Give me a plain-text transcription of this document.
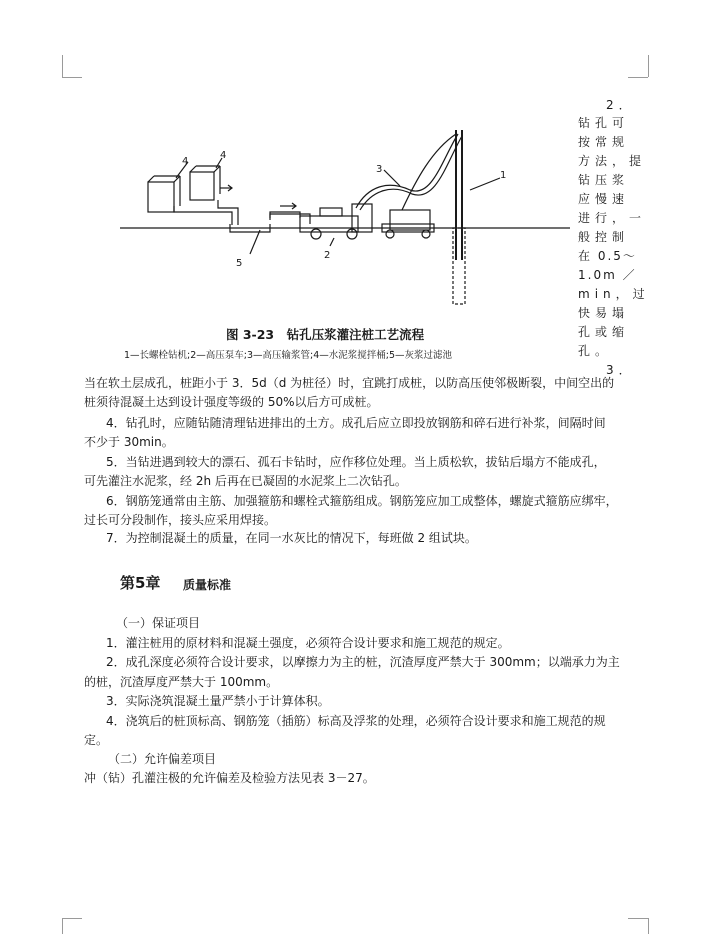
4
4
3
1
5
2
图 3-23　钻孔压浆灌注桩工艺流程
1—长螺栓钻机;2—高压泵车;3—高压输浆管;4—水泥浆搅拌桶;5—灰浆过滤池
2．
钻孔可
按常规
方法，提
钻压浆
应慢速
进行，一
般控制
在 0.5～
1.0m ／
min，过
快易塌
孔或缩
孔。
3．
当在软土层成孔，桩距小于 3．5d（d 为桩径）时，宜跳打成桩，以防高压使邻极断裂，中间空出的
桩须待混凝土达到设计强度等级的 50%以后方可成桩。
4．钻孔时，应随钻随清理钻进排出的土方。成孔后应立即投放钢筋和碎石进行补浆，间隔时间
不少于 30min。
5．当钻进遇到较大的漂石、孤石卡钻时，应作移位处理。当上质松软，拔钻后塌方不能成孔，
可先灌注水泥浆，经 2h 后再在已凝固的水泥浆上二次钻孔。
6．钢筋笼通常由主筋、加强箍筋和螺栓式箍筋组成。钢筋笼应加工成整体，螺旋式箍筋应绑牢，
过长可分段制作，接头应采用焊接。
7．为控制混凝土的质量，在同一水灰比的情况下，每班做 2 组试块。
第5章 质量标准
（一）保证项目
1．灌注桩用的原材料和混凝土强度，必须符合设计要求和施工规范的规定。
2．成孔深度必须符合设计要求，以摩擦力为主的桩，沉渣厚度严禁大于 300mm；以端承力为主
的桩，沉渣厚度严禁大于 100mm。
3．实际浇筑混凝土量严禁小于计算体积。
4．浇筑后的桩顶标高、钢筋笼（插筋）标高及浮浆的处理，必须符合设计要求和施工规范的规
定。
（二）允许偏差项目
冲（钻）孔灌注极的允许偏差及检验方法见表 3－27。
